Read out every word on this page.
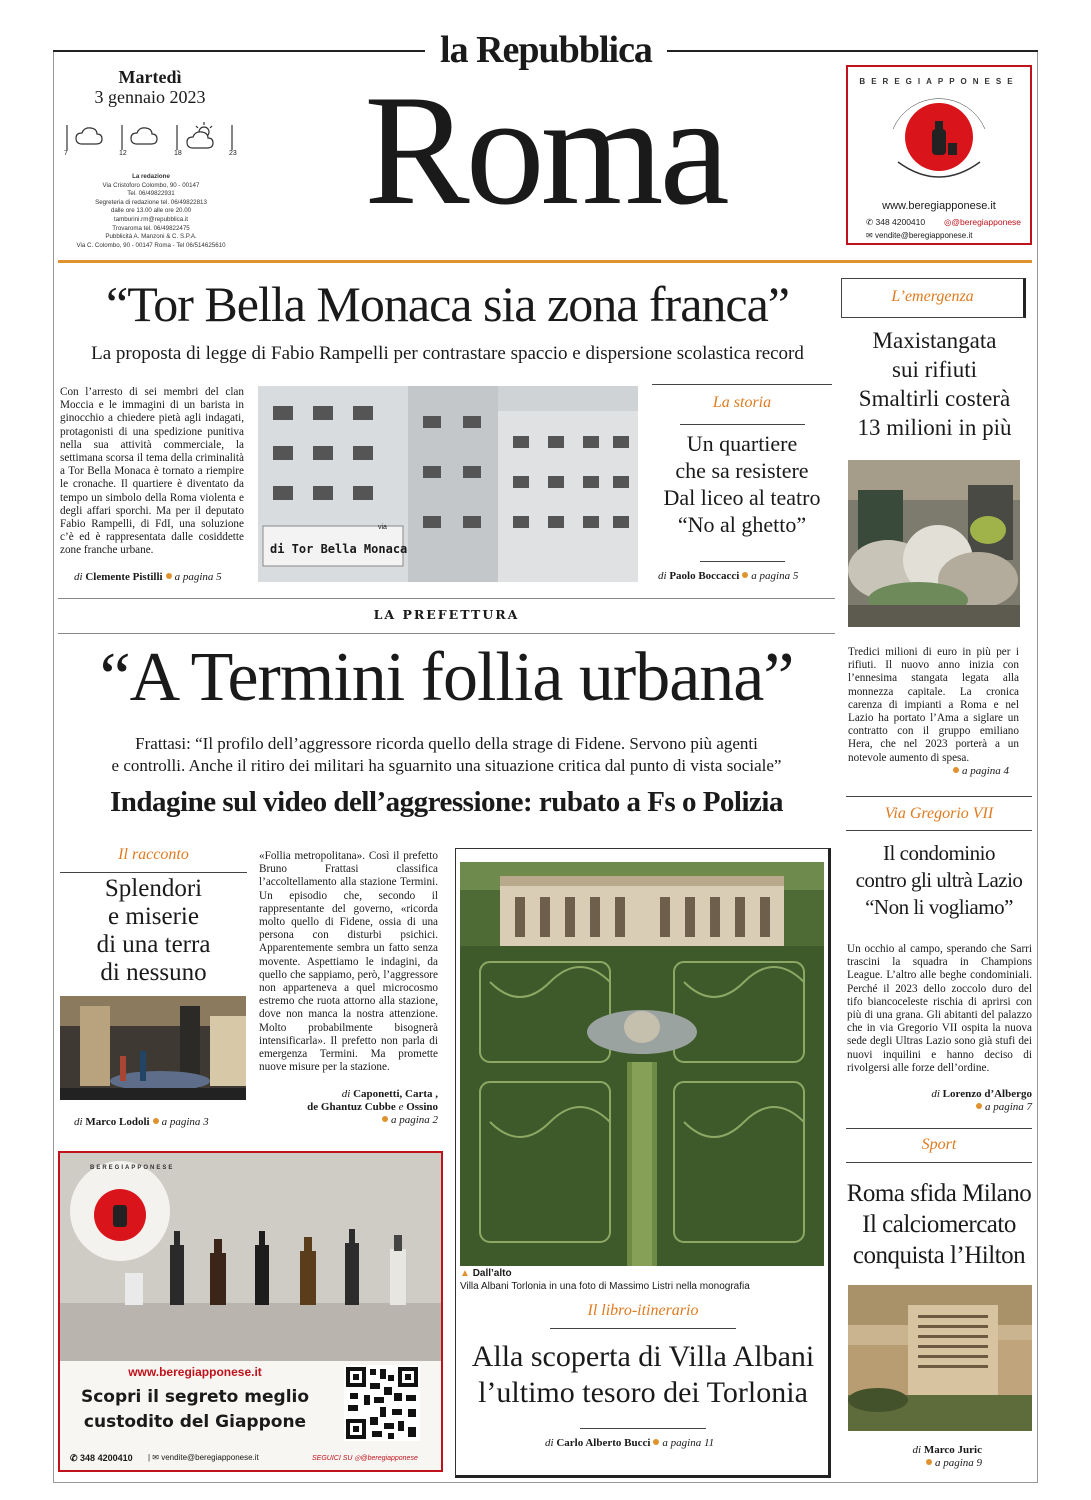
la Repubblica
Roma
Martedì
3 gennaio 2023
7	12	18	23
La redazione
Via Cristoforo Colombo, 90 - 00147
Tel. 06/49822931
Segreteria di redazione tel. 06/49822813
dalle ore 13.00 alle ore 20.00
tamburini.rm@repubblica.it
Trovaroma tel. 06/49822475
Pubblicità A. Manzoni & C. S.P.A.
Via C. Colombo, 90 - 00147 Roma - Tel 06/514625610
BEREGIAPPONESE
www.beregiapponese.it
✆ 348 4200410 ◎@beregiapponese
✉ vendite@beregiapponese.it
“Tor Bella Monaca sia zona franca”
La proposta di legge di Fabio Rampelli per contrastare spaccio e dispersione scolastica record
Con l’arresto di sei membri del clan Moccia e le immagini di un barista in ginocchio a chiedere pietà agli indagati, protagonisti di una spedizione punitiva nella sua attività commerciale, la settimana scorsa il tema della criminalità a Tor Bella Monaca è tornato a riempire le cronache. Il quartiere è diventato da tempo un simbolo della Roma violenta e degli affari sporchi. Ma per il deputato Fabio Rampelli, di FdI, una soluzione c’è ed è rappresentata dalle cosiddette zone franche urbane.
di Clemente Pistilli a pagina 5
via
di Tor Bella Monaca
La storia
Un quartiere
che sa resistere
Dal liceo al teatro
“No al ghetto”
di Paolo Boccacci a pagina 5
L’emergenza
Maxistangata
sui rifiuti
Smaltirli costerà
13 milioni in più
Tredici milioni di euro in più per i rifiuti. Il nuovo anno inizia con l’ennesima stangata legata alla monnezza capitale. La cronica carenza di impianti a Roma e nel Lazio ha portato l’Ama a siglare un contratto con il gruppo emiliano Hera, che nel 2023 porterà a un notevole aumento di spesa.
a pagina 4
LA PREFETTURA
“A Termini follia urbana”
Frattasi: “Il profilo dell’aggressore ricorda quello della strage di Fidene. Servono più agenti
e controlli. Anche il ritiro dei militari ha sguarnito una situazione critica dal punto di vista sociale”
Indagine sul video dell’aggressione: rubato a Fs o Polizia
Il racconto
Splendori
e miserie
di una terra
di nessuno
di Marco Lodoli a pagina 3
«Follia metropolitana». Così il prefetto Bruno Frattasi classifica l’accoltellamento alla stazione Termini. Un episodio che, secondo il rappresentante del governo, «ricorda molto quello di Fidene, ossia di una persona con disturbi psichici. Apparentemente sembra un fatto senza movente. Aspettiamo le indagini, da quello che sappiamo, però, l’aggressore non apparteneva a quel microcosmo estremo che ruota attorno alla stazione, dove non manca la nostra attenzione. Molto probabilmente bisognerà intensificarla». Il prefetto non parla di emergenza Termini. Ma promette nuove misure per la stazione.
di Caponetti, Carta ,
de Ghantuz Cubbe e Ossino
a pagina 2
▲ Dall’alto
Villa Albani Torlonia in una foto di Massimo Listri nella monografia
Il libro-itinerario
Alla scoperta di Villa Albani
l’ultimo tesoro dei Torlonia
di Carlo Alberto Bucci a pagina 11
Via Gregorio VII
Il condominio
contro gli ultrà Lazio
“Non li vogliamo”
Un occhio al campo, sperando che Sarri trascini la squadra in Champions League. L’altro alle beghe condominiali. Perché il 2023 dello zoccolo duro del tifo biancoceleste rischia di aprirsi con più di una grana. Gli abitanti del palazzo che in via Gregorio VII ospita la nuova sede degli Ultras Lazio sono già stufi dei nuovi inquilini e hanno deciso di rivolgersi alle forze dell’ordine.
di Lorenzo d’Albergo
a pagina 7
Sport
Roma sfida Milano
Il calciomercato
conquista l’Hilton
di Marco Juric
a pagina 9
BEREGIAPPONESE
www.beregiapponese.it
Scopri il segreto meglio
custodito del Giappone
✆ 348 4200410 | ✉ vendite@beregiapponese.it	SEGUICI SU ◎@beregiapponese
